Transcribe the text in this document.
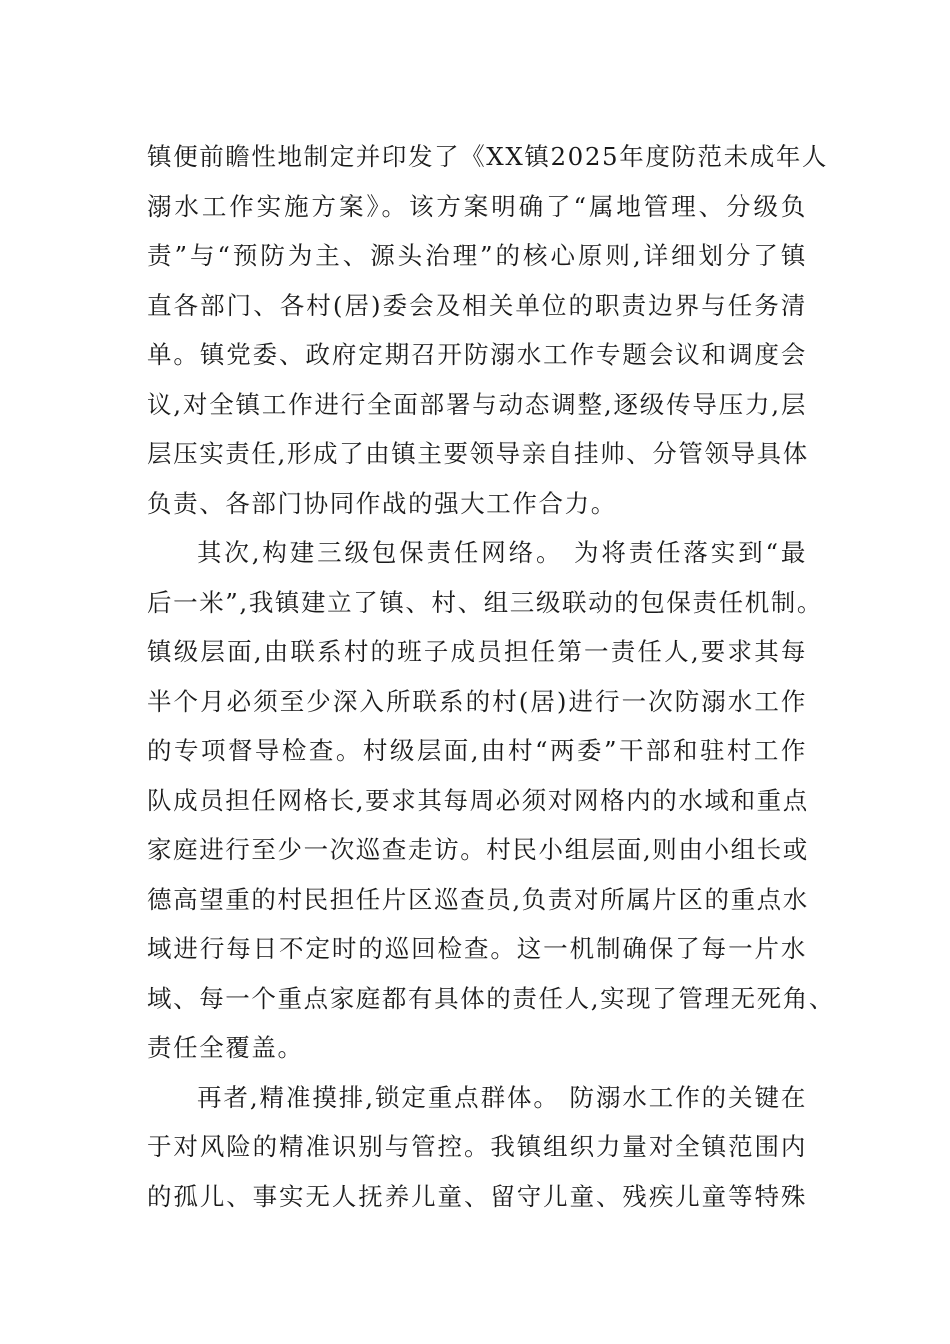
镇便前瞻性地制定并印发了《XX镇2025年度防范未成年人
溺水工作实施方案》。该方案明确了“属地管理、分级负
责”与“预防为主、源头治理”的核心原则,详细划分了镇
直各部门、各村(居)委会及相关单位的职责边界与任务清
单。镇党委、政府定期召开防溺水工作专题会议和调度会
议,对全镇工作进行全面部署与动态调整,逐级传导压力,层
层压实责任,形成了由镇主要领导亲自挂帅、分管领导具体
负责、各部门协同作战的强大工作合力。
其次,构建三级包保责任网络。 为将责任落实到“最
后一米”,我镇建立了镇、村、组三级联动的包保责任机制。
镇级层面,由联系村的班子成员担任第一责任人,要求其每
半个月必须至少深入所联系的村(居)进行一次防溺水工作
的专项督导检查。村级层面,由村“两委”干部和驻村工作
队成员担任网格长,要求其每周必须对网格内的水域和重点
家庭进行至少一次巡查走访。村民小组层面,则由小组长或
德高望重的村民担任片区巡查员,负责对所属片区的重点水
域进行每日不定时的巡回检查。这一机制确保了每一片水
域、每一个重点家庭都有具体的责任人,实现了管理无死角、
责任全覆盖。
再者,精准摸排,锁定重点群体。 防溺水工作的关键在
于对风险的精准识别与管控。我镇组织力量对全镇范围内
的孤儿、事实无人抚养儿童、留守儿童、残疾儿童等特殊
